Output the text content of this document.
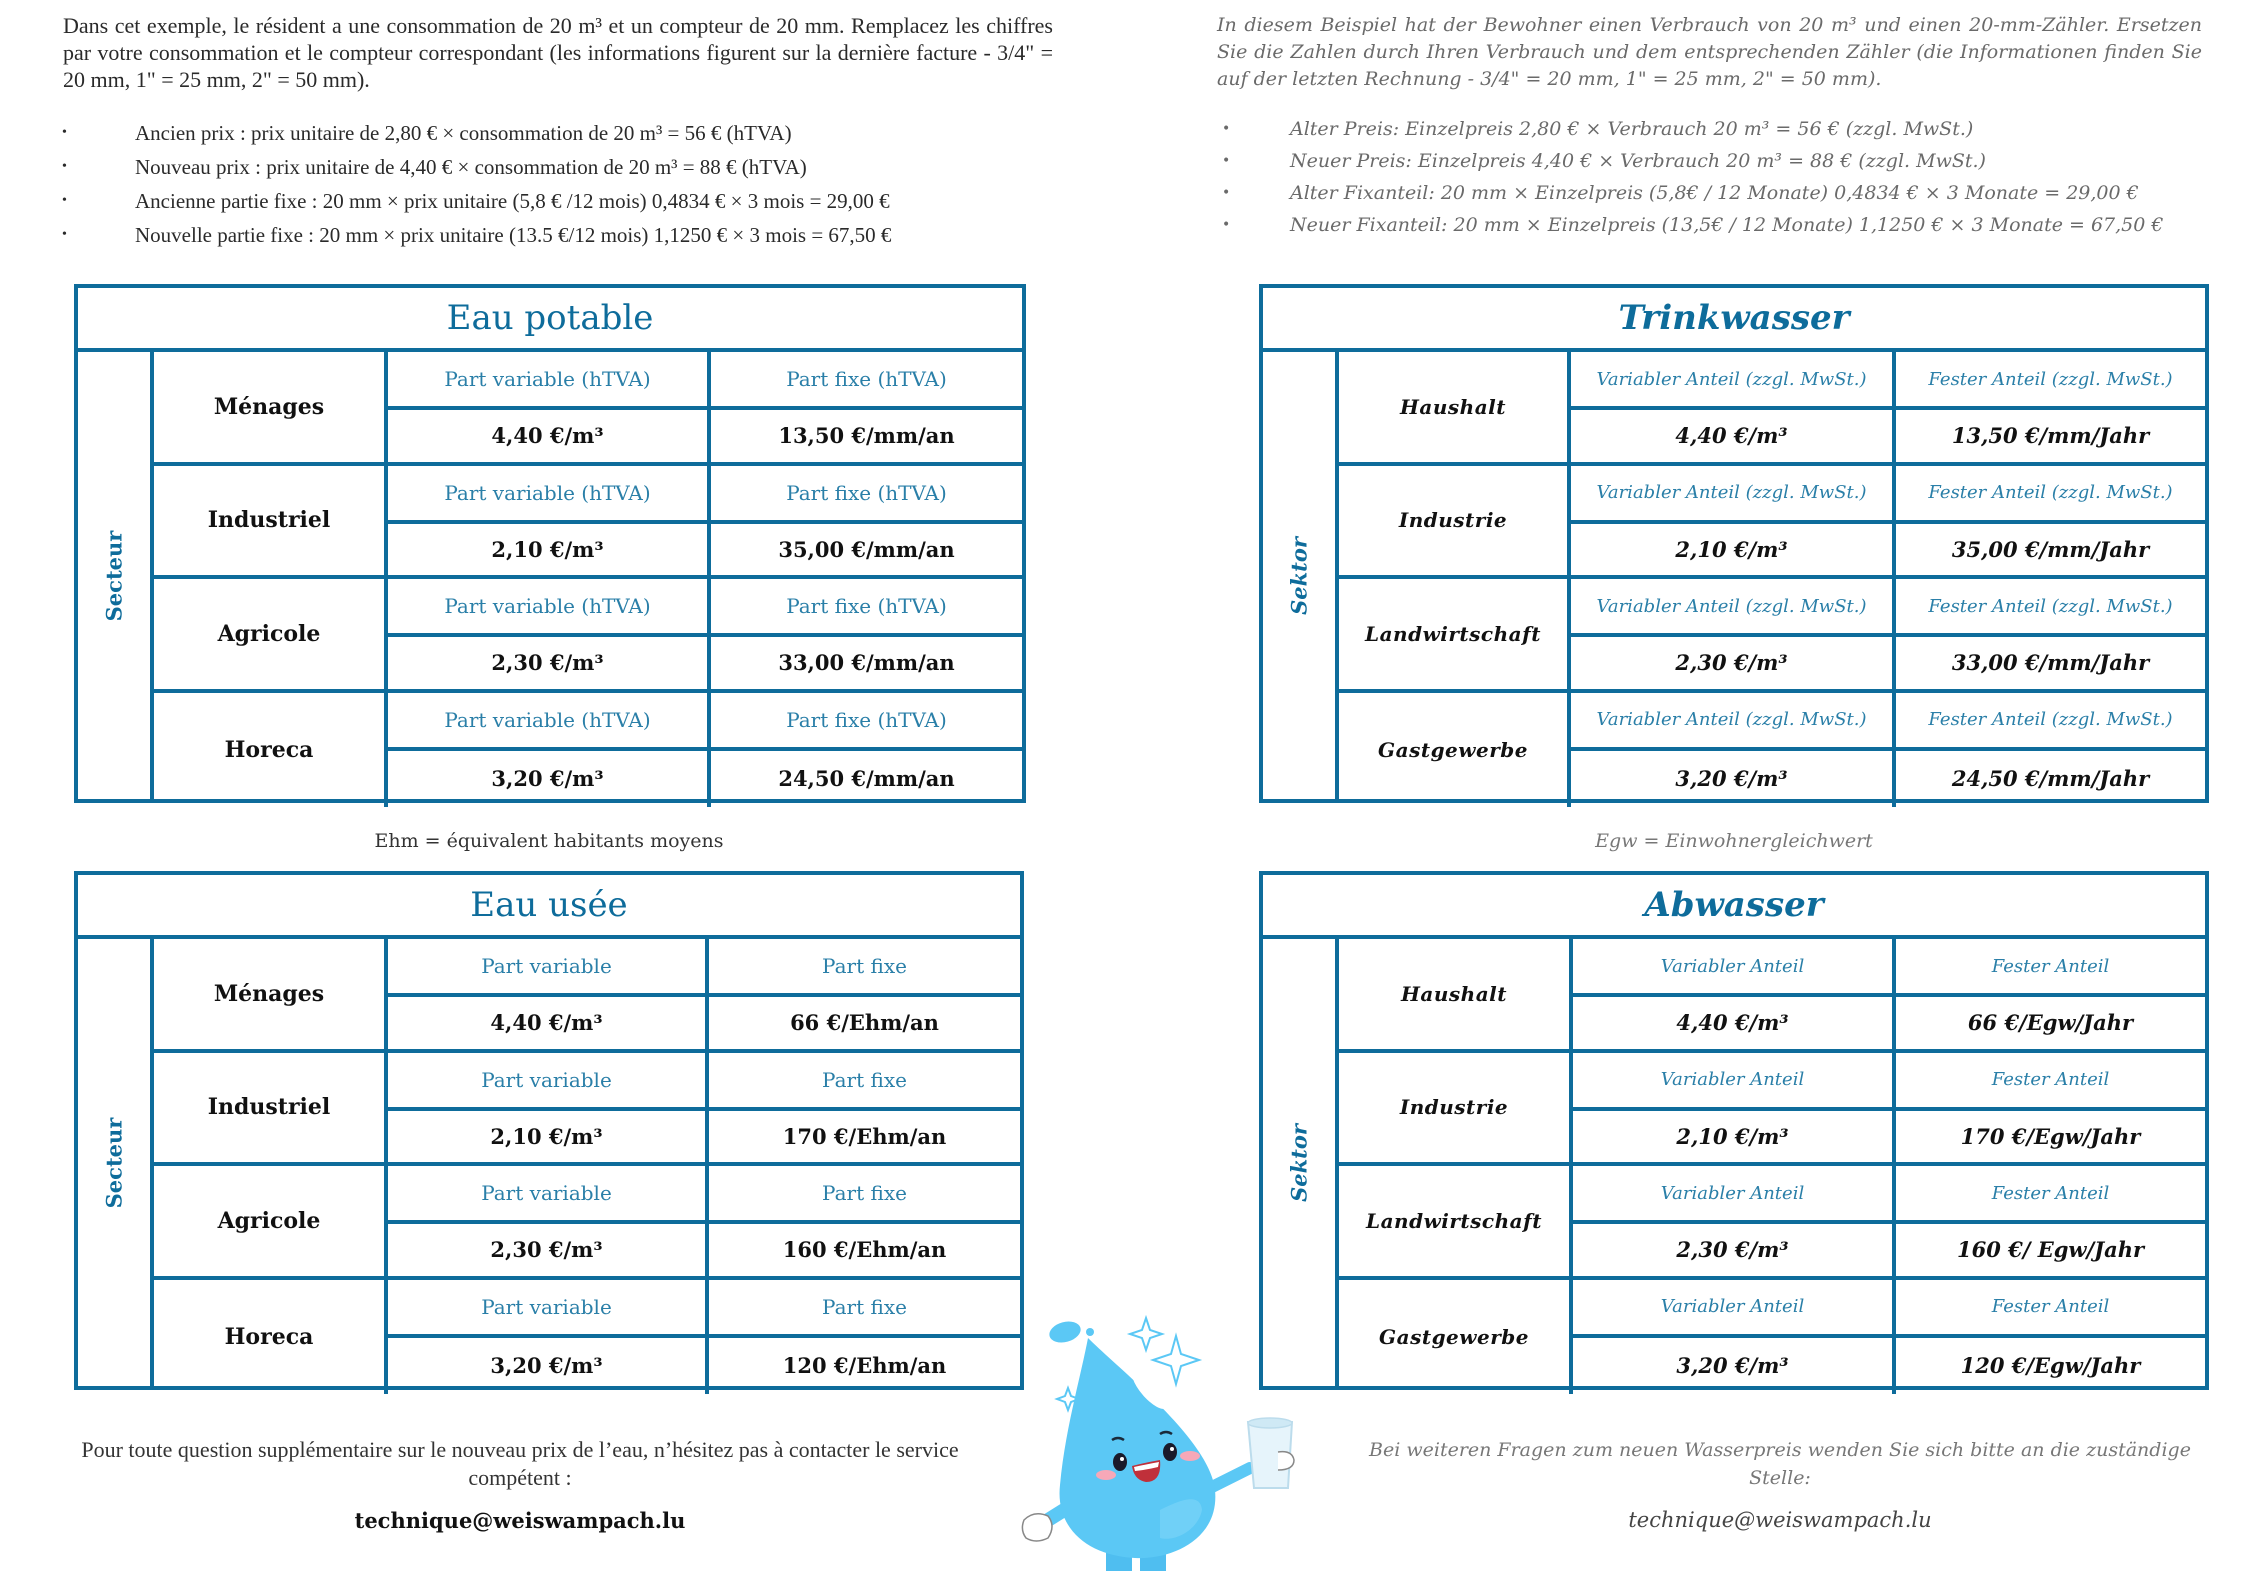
Dans cet exemple, le résident a une consommation de 20 m³ et un compteur de 20 mm. Remplacez les chiffres par votre consommation et le compteur correspondant (les informations figurent sur la dernière facture - 3/4" = 20 mm, 1" = 25 mm, 2" = 50 mm).

•	Ancien prix : prix unitaire de 2,80 € × consommation de 20 m³ = 56 € (hTVA)
•	Nouveau prix : prix unitaire de 4,40 € × consommation de 20 m³ = 88 € (hTVA)
•	Ancienne partie fixe : 20 mm × prix unitaire (5,8 € /12 mois) 0,4834 € × 3 mois = 29,00 €
•	Nouvelle partie fixe : 20 mm × prix unitaire (13.5 €/12 mois) 1,1250 € × 3 mois = 67,50 €

In diesem Beispiel hat der Bewohner einen Verbrauch von 20 m³ und einen 20-mm-Zähler. Ersetzen Sie die Zahlen durch Ihren Verbrauch und dem entsprechenden Zähler (die Informationen finden Sie auf der letzten Rechnung - 3/4" = 20 mm, 1" = 25 mm, 2" = 50 mm).

•	Alter Preis: Einzelpreis 2,80 € × Verbrauch 20 m³ = 56 € (zzgl. MwSt.)
•	Neuer Preis: Einzelpreis 4,40 € × Verbrauch 20 m³ = 88 € (zzgl. MwSt.)
•	Alter Fixanteil: 20 mm × Einzelpreis (5,8€ / 12 Monate) 0,4834 € × 3 Monate = 29,00 €
•	Neuer Fixanteil: 20 mm × Einzelpreis (13,5€ / 12 Monate) 1,1250 € × 3 Monate = 67,50 €
Eau potable
Secteur
Ménages
Part variable (hTVA)	Part fixe (hTVA)
4,40 €/m³	13,50 €/mm/an
Industriel
Part variable (hTVA)	Part fixe (hTVA)
2,10 €/m³	35,00 €/mm/an
Agricole
Part variable (hTVA)	Part fixe (hTVA)
2,30 €/m³	33,00 €/mm/an
Horeca
Part variable (hTVA)	Part fixe (hTVA)
3,20 €/m³	24,50 €/mm/an
Eau usée
Secteur
Ménages
Part variable	Part fixe
4,40 €/m³	66 €/Ehm/an
Industriel
Part variable	Part fixe
2,10 €/m³	170 €/Ehm/an
Agricole
Part variable	Part fixe
2,30 €/m³	160 €/Ehm/an
Horeca
Part variable	Part fixe
3,20 €/m³	120 €/Ehm/an
Trinkwasser
Sektor
Haushalt
Variabler Anteil (zzgl. MwSt.)	Fester Anteil (zzgl. MwSt.)
4,40 €/m³	13,50 €/mm/Jahr
Industrie
Variabler Anteil (zzgl. MwSt.)	Fester Anteil (zzgl. MwSt.)
2,10 €/m³	35,00 €/mm/Jahr
Landwirtschaft
Variabler Anteil (zzgl. MwSt.)	Fester Anteil (zzgl. MwSt.)
2,30 €/m³	33,00 €/mm/Jahr
Gastgewerbe
Variabler Anteil (zzgl. MwSt.)	Fester Anteil (zzgl. MwSt.)
3,20 €/m³	24,50 €/mm/Jahr
Abwasser
Sektor
Haushalt
Variabler Anteil	Fester Anteil
4,40 €/m³	66 €/Egw/Jahr
Industrie
Variabler Anteil	Fester Anteil
2,10 €/m³	170 €/Egw/Jahr
Landwirtschaft
Variabler Anteil	Fester Anteil
2,30 €/m³	160 €/ Egw/Jahr
Gastgewerbe
Variabler Anteil	Fester Anteil
3,20 €/m³	120 €/Egw/Jahr
Ehm = équivalent habitants moyens	Egw = Einwohnergleichwert
Pour toute question supplémentaire sur le nouveau prix de l’eau, n’hésitez pas à contacter le service compétent :
technique@weiswampach.lu
Bei weiteren Fragen zum neuen Wasserpreis wenden Sie sich bitte an die zuständige Stelle:
technique@weiswampach.lu
